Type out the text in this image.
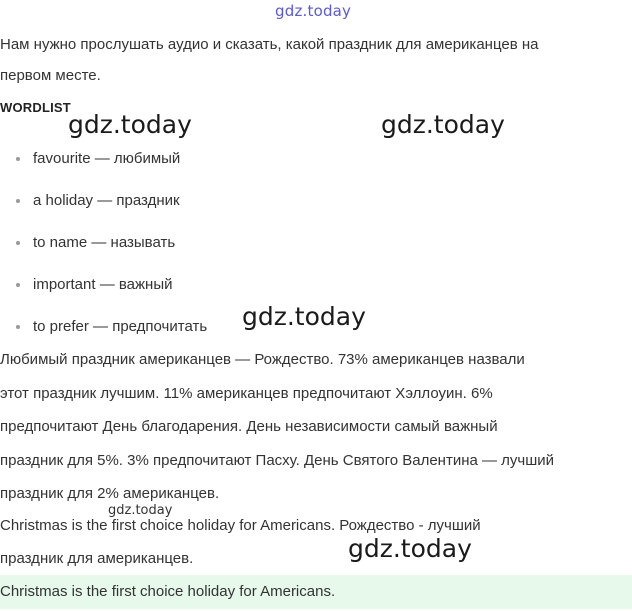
gdz.today
Нам нужно прослушать аудио и сказать, какой праздник для американцев на
первом месте.
WORDLIST
gdz.today	gdz.today
favourite — любимый
a holiday — праздник
to name — называть
important — важный
to prefer — предпочитать gdz.today
Любимый праздник американцев — Рождество. 73% американцев назвали
этот праздник лучшим. 11% американцев предпочитают Хэллоуин. 6%
предпочитают День благодарения. День независимости самый важный
праздник для 5%. 3% предпочитают Пасху. День Святого Валентина — лучший
праздник для 2% американцев.
gdz.today
Christmas is the first choice holiday for Americans. Рождество - лучший
праздник для американцев.	gdz.today
Christmas is the first choice holiday for Americans.
